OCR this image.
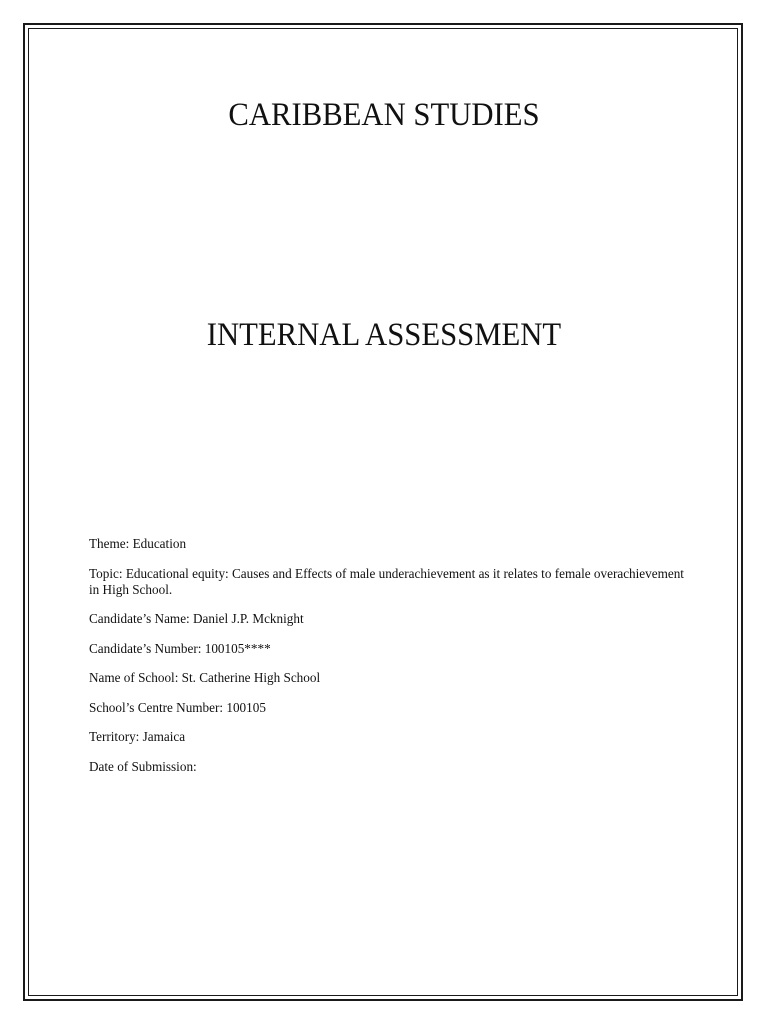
CARIBBEAN STUDIES
INTERNAL ASSESSMENT

Theme: Education

Topic: Educational equity: Causes and Effects of male underachievement as it relates to female overachievement in High School.

Candidate’s Name: Daniel J.P. Mcknight

Candidate’s Number: 100105****

Name of School: St. Catherine High School

School’s Centre Number: 100105

Territory: Jamaica

Date of Submission:
